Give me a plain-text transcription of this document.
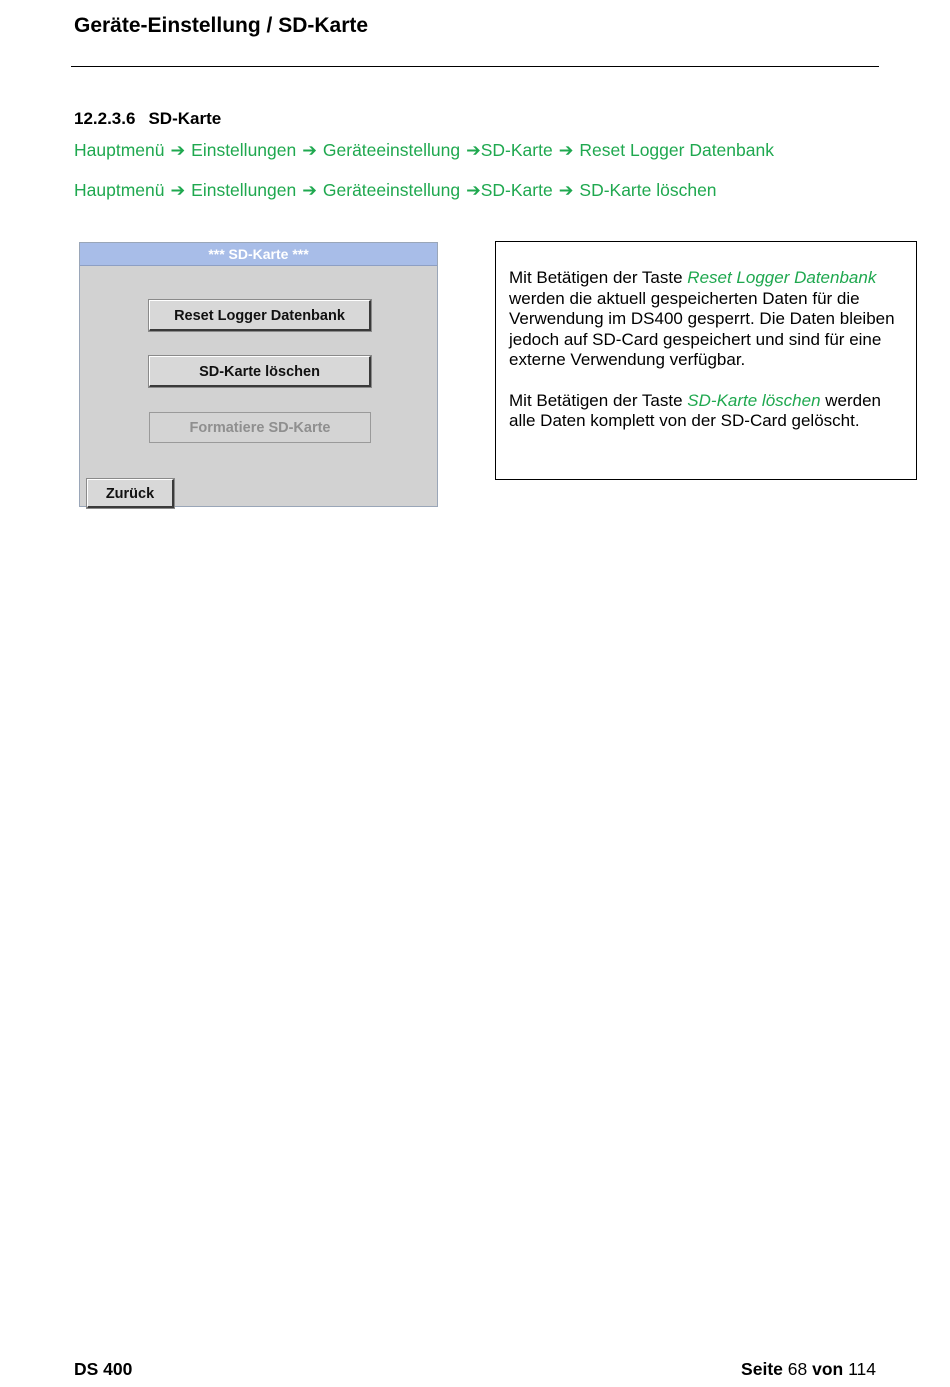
Geräte-Einstellung / SD-Karte
12.2.3.6 SD-Karte
Hauptmenü ➔ Einstellungen ➔ Geräteeinstellung ➔SD-Karte ➔ Reset Logger Datenbank
Hauptmenü ➔ Einstellungen ➔ Geräteeinstellung ➔SD-Karte ➔ SD-Karte löschen
*** SD-Karte ***
Reset Logger Datenbank
SD-Karte löschen
Formatiere SD-Karte
Zurück

Mit Betätigen der Taste Reset Logger Datenbank werden die aktuell gespeicherten Daten für die Verwendung im DS400 gesperrt. Die Daten bleiben jedoch auf SD-Card gespeichert und sind für eine externe Verwendung verfügbar.

Mit Betätigen der Taste SD-Karte löschen werden alle Daten komplett von der SD-Card gelöscht.

DS 400	Seite 68 von 114
